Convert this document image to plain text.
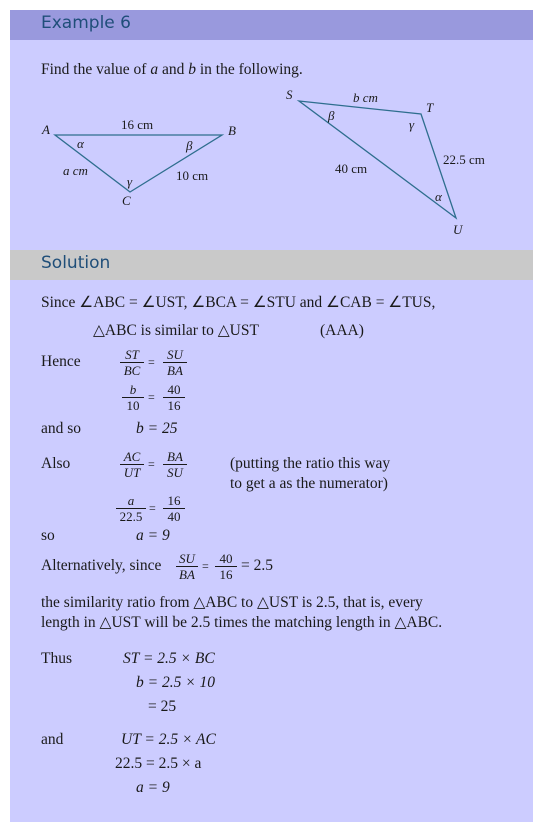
Example 6
Find the value of a and b in the following.
A	B
C
16 cm
a cm	10 cm
α	β
γ
S
T
U
b cm
40 cm
22.5 cm
β
γ
α
Solution
Since ∠ABC = ∠UST, ∠BCA = ∠STU and ∠CAB = ∠TUS,
△ABC is similar to △UST	(AAA)
Hence	$\frac{ST}{BC} = \frac{SU}{BA}$
$\frac{b}{10} = \frac{40}{16}$
and so	b = 25
Also	$\frac{AC}{UT} = \frac{BA}{SU}$	(putting the ratio this way
to get a as the numerator)
$\frac{a}{22.5} = \frac{16}{40}$
so	a = 9
Alternatively, since $\frac{SU}{BA} = \frac{40}{16} = 2.5$
the similarity ratio from △ABC to △UST is 2.5, that is, every
length in △UST will be 2.5 times the matching length in △ABC.
Thus	ST = 2.5 × BC
b = 2.5 × 10
= 25
and	UT = 2.5 × AC
22.5 = 2.5 × a
a = 9
